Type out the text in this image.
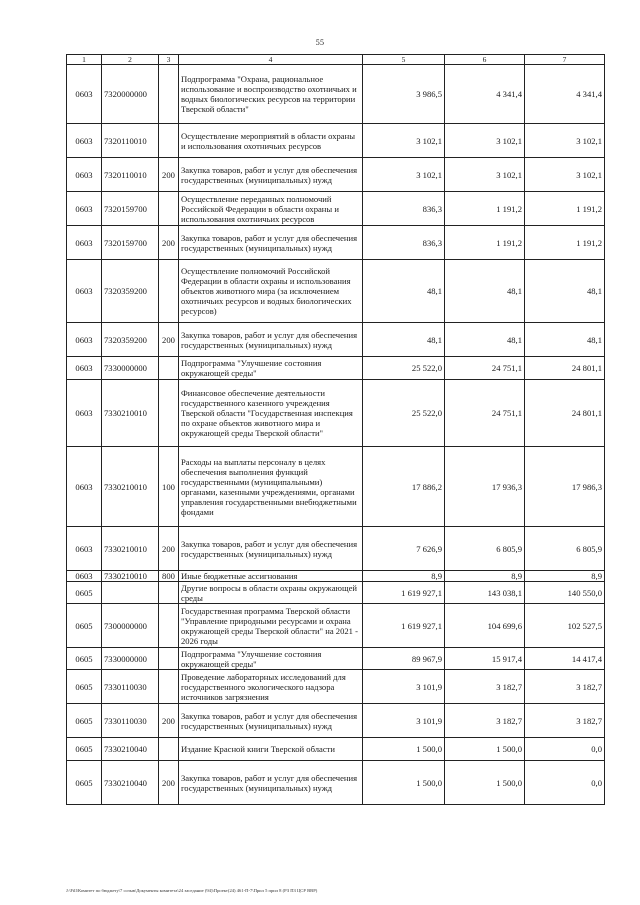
55
1	2	3	4	5	6	7
0603	7320000000		Подпрограмма "Охрана, рациональное использование и воспроизводство охотничьих и водных биологических ресурсов на территории Тверской области"	3 986,5	4 341,4	4 341,4
0603	7320110010		Осуществление мероприятий в области охраны и использования охотничьих ресурсов	3 102,1	3 102,1	3 102,1
0603	7320110010	200	Закупка товаров, работ и услуг для обеспечения государственных (муниципальных) нужд	3 102,1	3 102,1	3 102,1
0603	7320159700		Осуществление переданных полномочий Российской Федерации в области охраны и использования охотничьих ресурсов	836,3	1 191,2	1 191,2
0603	7320159700	200	Закупка товаров, работ и услуг для обеспечения государственных (муниципальных) нужд	836,3	1 191,2	1 191,2
0603	7320359200		Осуществление полномочий Российской Федерации в области охраны и использования объектов животного мира (за исключением охотничьих ресурсов и водных биологических ресурсов)	48,1	48,1	48,1
0603	7320359200	200	Закупка товаров, работ и услуг для обеспечения государственных (муниципальных) нужд	48,1	48,1	48,1
0603	7330000000		Подпрограмма "Улучшение состояния окружающей среды"	25 522,0	24 751,1	24 801,1
0603	7330210010		Финансовое обеспечение деятельности государственного казенного учреждения Тверской области "Государственная инспекция по охране объектов животного мира и окружающей среды Тверской области"	25 522,0	24 751,1	24 801,1
0603	7330210010	100	Расходы на выплаты персоналу в целях обеспечения выполнения функций государственными (муниципальными) органами, казенными учреждениями, органами управления государственными внебюджетными фондами	17 886,2	17 936,3	17 986,3
0603	7330210010	200	Закупка товаров, работ и услуг для обеспечения государственных (муниципальных) нужд	7 626,9	6 805,9	6 805,9
0603	7330210010	800	Иные бюджетные ассигнования	8,9	8,9	8,9
0605			Другие вопросы в области охраны окружающей среды	1 619 927,1	143 038,1	140 550,0
0605	7300000000		Государственная программа Тверской области "Управление природными ресурсами и охрана окружающей среды Тверской области" на 2021 - 2026 годы	1 619 927,1	104 699,6	102 527,5
0605	7330000000		Подпрограмма "Улучшение состояния окружающей среды"	89 967,9	15 917,4	14 417,4
0605	7330110030		Проведение лабораторных исследований для государственного экологического надзора источников загрязнения	3 101,9	3 182,7	3 182,7
0605	7330110030	200	Закупка товаров, работ и услуг для обеспечения государственных (муниципальных) нужд	3 101,9	3 182,7	3 182,7
0605	7330210040		Издание Красной книги Тверской области	1 500,0	1 500,0	0,0
0605	7330210040	200	Закупка товаров, работ и услуг для обеспечения государственных (муниципальных) нужд	1 500,0	1 500,0	0,0
J:\Fill\Комитет по бюджету\7 созыв\Документы комитета\24 заседание (94)\Проект(24) 461-П-7\Прил 5 прил 8 (РЗ ПЗ ЦСР ВВР)
